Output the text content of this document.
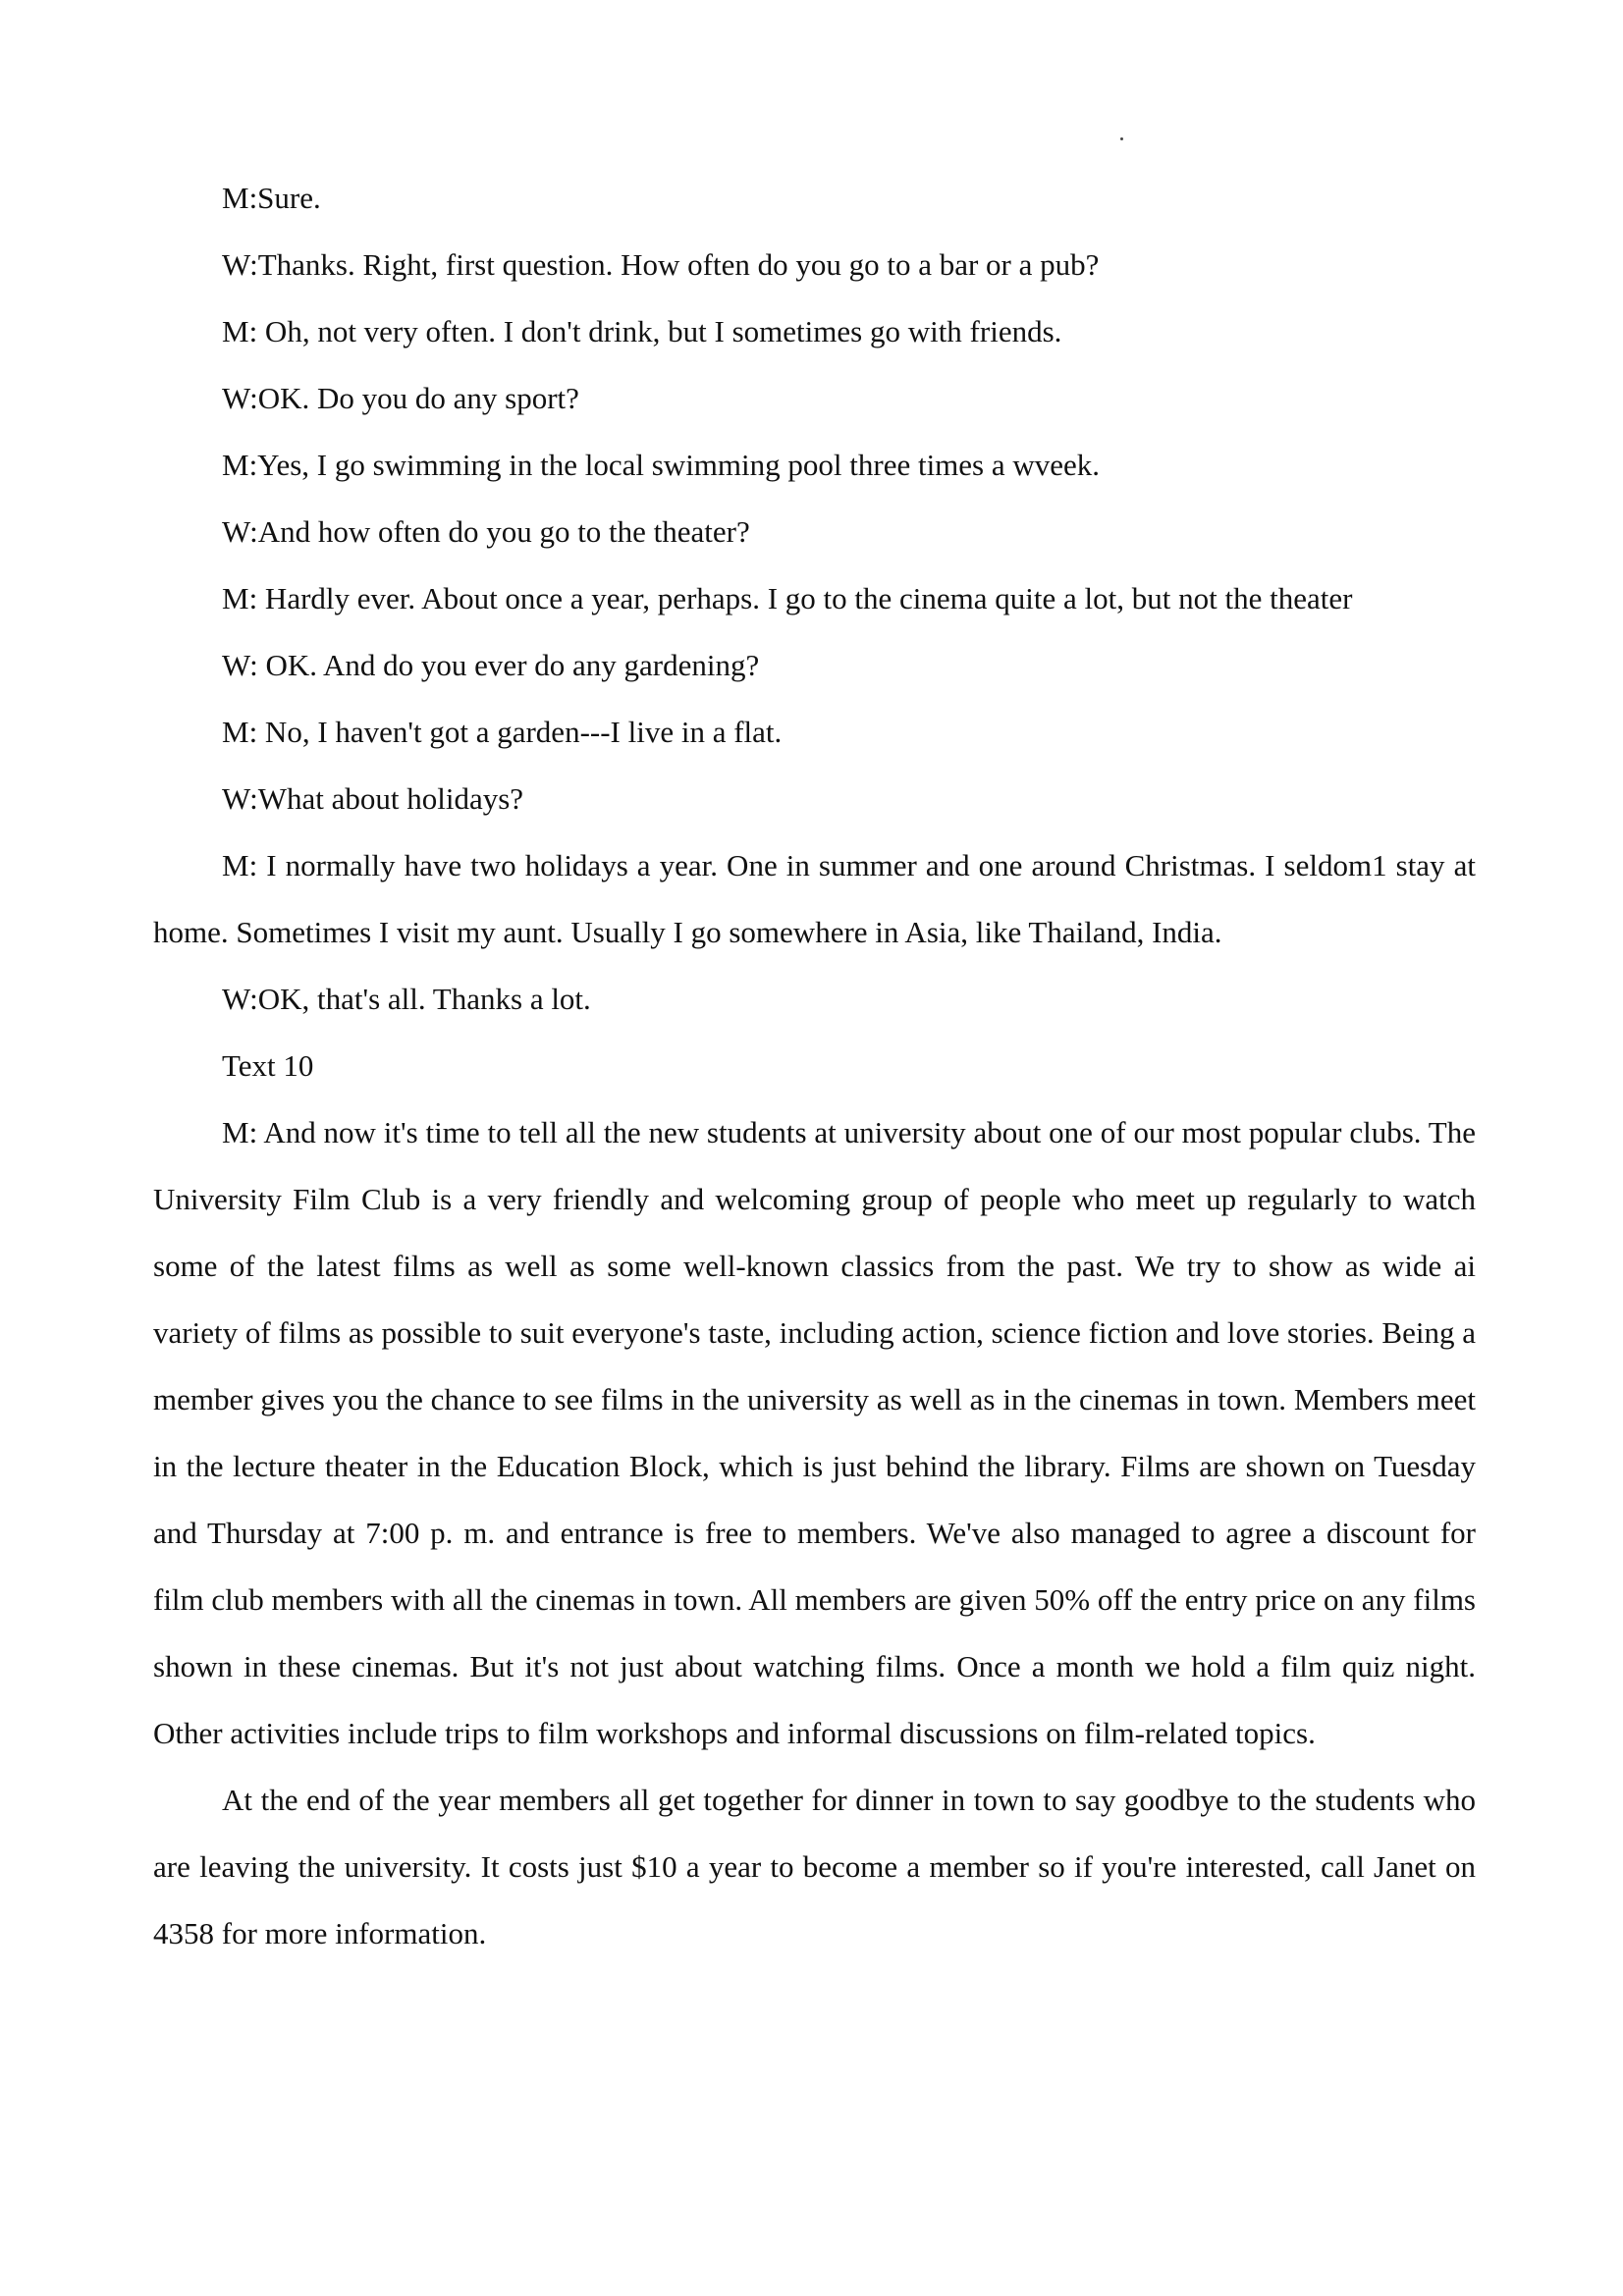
M:Sure.

W:Thanks. Right, first question. How often do you go to a bar or a pub?

M: Oh, not very often. I don't drink, but I sometimes go with friends.

W:OK. Do you do any sport?

M:Yes, I go swimming in the local swimming pool three times a wveek.

W:And how often do you go to the theater?

M: Hardly ever. About once a year, perhaps. I go to the cinema quite a lot, but not the theater

W: OK. And do you ever do any gardening?

M: No, I haven't got a garden---I live in a flat.

W:What about holidays?

M: I normally have two holidays a year. One in summer and one around Christmas. I seldom1 stay at home. Sometimes I visit my aunt. Usually I go somewhere in Asia, like Thailand, India.

W:OK, that's all. Thanks a lot.

Text 10

M: And now it's time to tell all the new students at university about one of our most popular clubs. The University Film Club is a very friendly and welcoming group of people who meet up regularly to watch some of the latest films as well as some well-known classics from the past. We try to show as wide ai variety of films as possible to suit everyone's taste, including action, science fiction and love stories. Being a member gives you the chance to see films in the university as well as in the cinemas in town. Members meet in the lecture theater in the Education Block, which is just behind the library. Films are shown on Tuesday and Thursday at 7:00 p. m. and entrance is free to members. We've also managed to agree a discount for film club members with all the cinemas in town. All members are given 50% off the entry price on any films shown in these cinemas. But it's not just about watching films. Once a month we hold a film quiz night. Other activities include trips to film workshops and informal discussions on film-related topics.

At the end of the year members all get together for dinner in town to say goodbye to the students who are leaving the university. It costs just $10 a year to become a member so if you're interested, call Janet on 4358 for more information.
